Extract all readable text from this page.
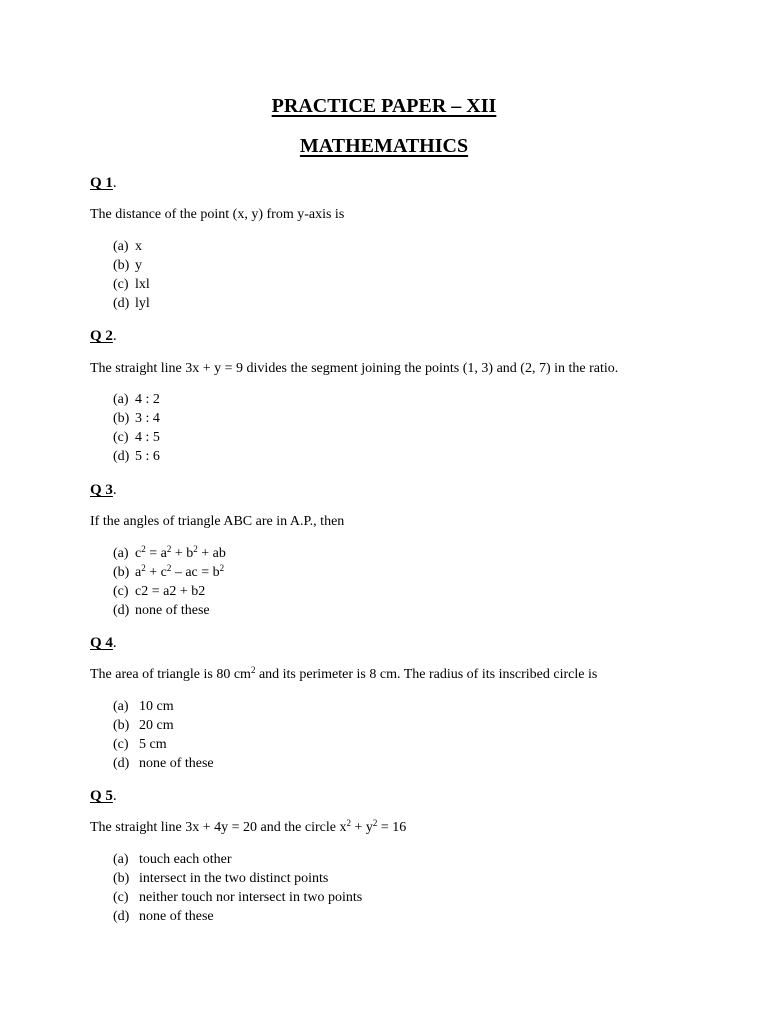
PRACTICE PAPER – XII
MATHEMATHICS
Q 1.
The distance of the point (x, y) from y-axis is
(a) x
(b) y
(c) lxl
(d) lyl
Q 2.
The straight line 3x + y = 9 divides the segment joining the points (1, 3) and (2, 7) in the ratio.
(a) 4 : 2
(b) 3 : 4
(c) 4 : 5
(d) 5 : 6
Q 3.
If the angles of triangle ABC are in A.P., then
(a) $c^2 = a^2 + b^2$ + ab
(b) $a^2 + c^2$ – ac = $b^2$
(c) c2 = a2 + b2
(d) none of these
Q 4.
The area of triangle is 80 $cm^2$ and its perimeter is 8 cm. The radius of its inscribed circle is
(a) 10 cm
(b) 20 cm
(c) 5 cm
(d) none of these
Q 5.
The straight line 3x + 4y = 20 and the circle $x^2 + y^2 = 16$
(a) touch each other
(b) intersect in the two distinct points
(c) neither touch nor intersect in two points
(d) none of these
